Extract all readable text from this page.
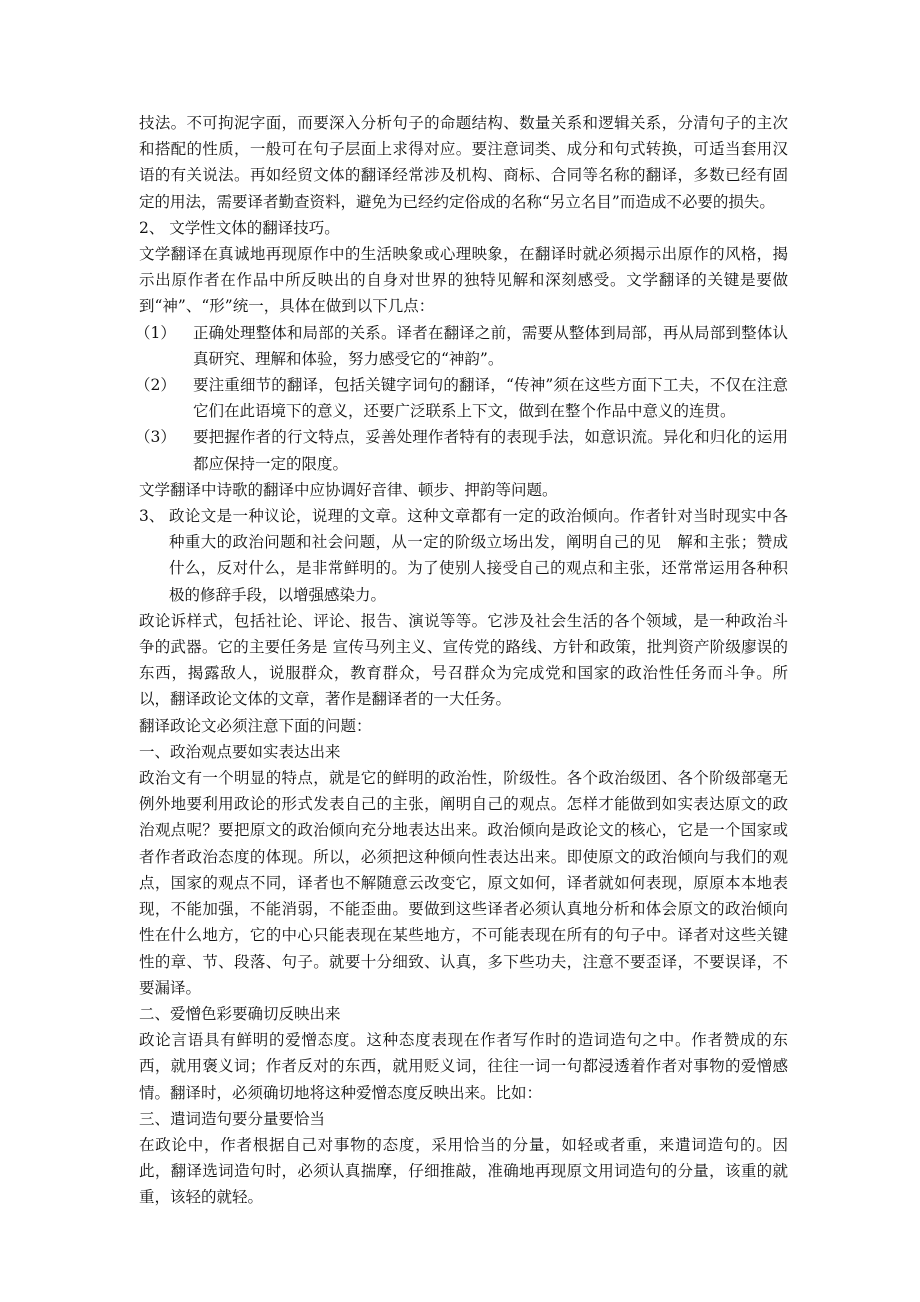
技法。不可拘泥字面，而要深入分析句子的命题结构、数量关系和逻辑关系，分清句子的主次和搭配的性质，一般可在句子层面上求得对应。要注意词类、成分和句式转换，可适当套用汉语的有关说法。再如经贸文体的翻译经常涉及机构、商标、合同等名称的翻译，多数已经有固定的用法，需要译者勤查资料，避免为已经约定俗成的名称“另立名目”而造成不必要的损失。

2、 文学性文体的翻译技巧。

文学翻译在真诚地再现原作中的生活映象或心理映象，在翻译时就必须揭示出原作的风格，揭示出原作者在作品中所反映出的自身对世界的独特见解和深刻感受。文学翻译的关键是要做到“神”、“形”统一，具体在做到以下几点：

（1）	正确处理整体和局部的关系。译者在翻译之前，需要从整体到局部，再从局部到整体认真研究、理解和体验，努力感受它的“神韵”。
（2）	要注重细节的翻译，包括关键字词句的翻译，“传神”须在这些方面下工夫，不仅在注意它们在此语境下的意义，还要广泛联系上下文，做到在整个作品中意义的连贯。
（3）	要把握作者的行文特点，妥善处理作者特有的表现手法，如意识流。异化和归化的运用都应保持一定的限度。

文学翻译中诗歌的翻译中应协调好音律、顿步、押韵等问题。

3、 政论文是一种议论，说理的文章。这种文章都有一定的政治倾向。作者针对当时现实中各种重大的政治问题和社会问题，从一定的阶级立场出发，阐明自己的见　解和主张；赞成什么，反对什么，是非常鲜明的。为了使别人接受自己的观点和主张，还常常运用各种积极的修辞手段，以增强感染力。

政论诉样式，包括社论、评论、报告、演说等等。它涉及社会生活的各个领域，是一种政治斗争的武器。它的主要任务是 宣传马列主义、宣传党的路线、方针和政策，批判资产阶级廖误的东西，揭露敌人，说服群众，教育群众，号召群众为完成党和国家的政治性任务而斗争。所以，翻译政论文体的文章，著作是翻译者的一大任务。

翻译政论文必须注意下面的问题：

一、政治观点要如实表达出来

政治文有一个明显的特点，就是它的鲜明的政治性，阶级性。各个政治级团、各个阶级部毫无例外地要利用政论的形式发表自己的主张，阐明自己的观点。怎样才能做到如实表达原文的政治观点呢？要把原文的政治倾向充分地表达出来。政治倾向是政论文的核心，它是一个国家或者作者政治态度的体现。所以，必须把这种倾向性表达出来。即使原文的政治倾向与我们的观点，国家的观点不同，译者也不解随意云改变它，原文如何，译者就如何表现，原原本本地表现，不能加强，不能消弱，不能歪曲。要做到这些译者必须认真地分析和体会原文的政治倾向性在什么地方，它的中心只能表现在某些地方，不可能表现在所有的句子中。译者对这些关键性的章、节、段落、句子。就要十分细致、认真，多下些功夫，注意不要歪译，不要误译，不要漏译。

二、爱憎色彩要确切反映出来

政论言语具有鲜明的爱憎态度。这种态度表现在作者写作时的造词造句之中。作者赞成的东西，就用褒义词；作者反对的东西，就用贬义词，往往一词一句都浸透着作者对事物的爱憎感情。翻译时，必须确切地将这种爱憎态度反映出来。比如：

三、遣词造句要分量要恰当

在政论中，作者根据自己对事物的态度，采用恰当的分量，如轻或者重，来遣词造句的。因此，翻译选词造句时，必须认真揣摩，仔细推敲，准确地再现原文用词造句的分量，该重的就重，该轻的就轻。
